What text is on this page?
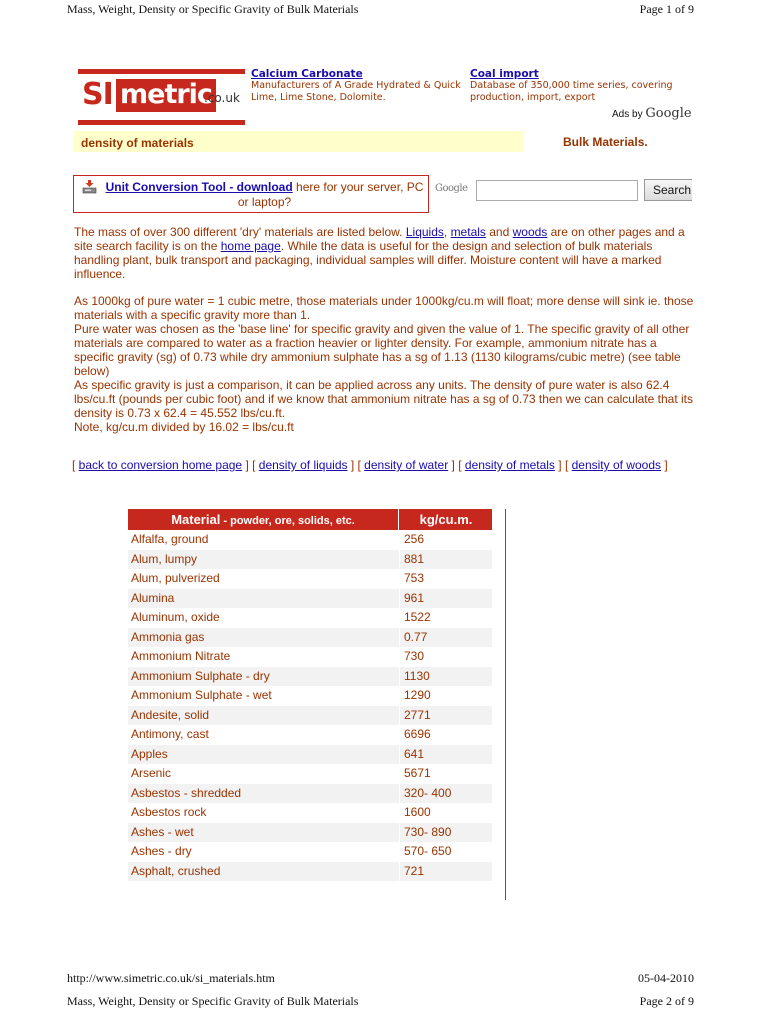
Mass, Weight, Density or Specific Gravity of Bulk Materials	Page 1 of 9
SI metric
.co.uk
Calcium Carbonate
Manufacturers of A Grade Hydrated & Quick Lime, Lime Stone, Dolomite.
Coal import
Database of 350,000 time series, covering production, import, export
Ads by Google
density of materials	Bulk Materials.
Unit Conversion Tool - download here for your server, PC or laptop?
Google	Search
The mass of over 300 different 'dry' materials are listed below. Liquids, metals and woods are on other pages and a site search facility is on the home page. While the data is useful for the design and selection of bulk materials handling plant, bulk transport and packaging, individual samples will differ. Moisture content will have a marked influence.
As 1000kg of pure water = 1 cubic metre, those materials under 1000kg/cu.m will float; more dense will sink ie. those materials with a specific gravity more than 1.
Pure water was chosen as the 'base line' for specific gravity and given the value of 1. The specific gravity of all other materials are compared to water as a fraction heavier or lighter density. For example, ammonium nitrate has a specific gravity (sg) of 0.73 while dry ammonium sulphate has a sg of 1.13 (1130 kilograms/cubic metre) (see table below)
As specific gravity is just a comparison, it can be applied across any units. The density of pure water is also 62.4 lbs/cu.ft (pounds per cubic foot) and if we know that ammonium nitrate has a sg of 0.73 then we can calculate that its density is 0.73 x 62.4 = 45.552 lbs/cu.ft.
Note, kg/cu.m divided by 16.02 = lbs/cu.ft
[ back to conversion home page ] [ density of liquids ] [ density of water ] [ density of metals ] [ density of woods ]
Material - powder, ore, solids, etc.	kg/cu.m.
Alfalfa, ground	256
Alum, lumpy	881
Alum, pulverized	753
Alumina	961
Aluminum, oxide	1522
Ammonia gas	0.77
Ammonium Nitrate	730
Ammonium Sulphate - dry	1130
Ammonium Sulphate - wet	1290
Andesite, solid	2771
Antimony, cast	6696
Apples	641
Arsenic	5671
Asbestos - shredded	320- 400
Asbestos rock	1600
Ashes - wet	730- 890
Ashes - dry	570- 650
Asphalt, crushed	721
http://www.simetric.co.uk/si_materials.htm	05-04-2010
Mass, Weight, Density or Specific Gravity of Bulk Materials	Page 2 of 9
